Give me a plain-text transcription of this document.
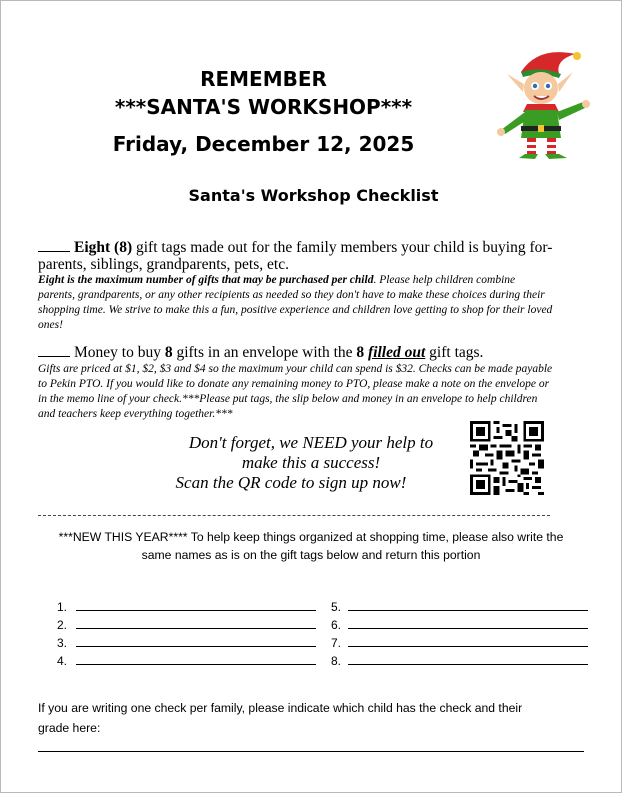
REMEMBER
***SANTA'S WORKSHOP***
Friday, December 12, 2025
Santa's Workshop Checklist
Eight (8) gift tags made out for the family members your child is buying for-
parents, siblings, grandparents, pets, etc.
Eight is the maximum number of gifts that may be purchased per child. Please help children combine
parents, grandparents, or any other recipients as needed so they don't have to make these choices during their
shopping time. We strive to make this a fun, positive experience and children love getting to shop for their loved
ones!
Money to buy 8 gifts in an envelope with the 8 filled out gift tags.
Gifts are priced at $1, $2, $3 and $4 so the maximum your child can spend is $32. Checks can be made payable
to Pekin PTO. If you would like to donate any remaining money to PTO, please make a note on the envelope or
in the memo line of your check.***Please put tags, the slip below and money in an envelope to help children
and teachers keep everything together.***
Don't forget, we NEED your help to
make this a success!
Scan the QR code to sign up now!
***NEW THIS YEAR**** To help keep things organized at shopping time, please also write the
same names as is on the gift tags below and return this portion
1.
2.
3.
4.
5.
6.
7.
8.
If you are writing one check per family, please indicate which child has the check and their
grade here:
